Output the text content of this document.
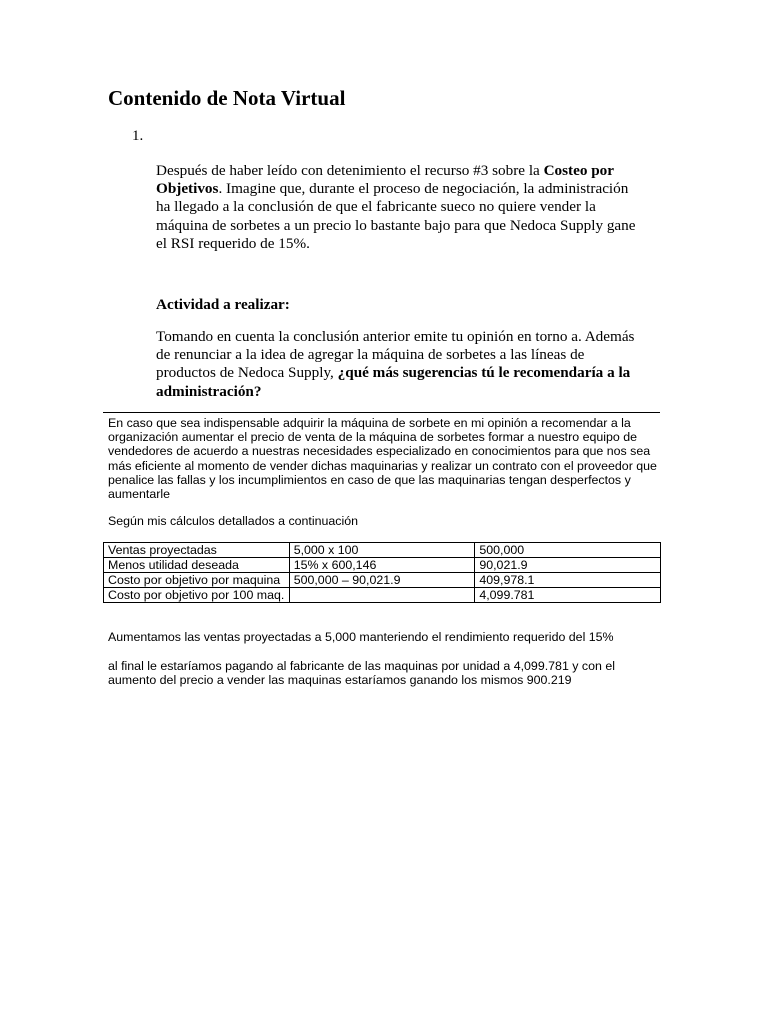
Contenido de Nota Virtual
1.

Después de haber leído con detenimiento el recurso #3 sobre la Costeo por Objetivos. Imagine que, durante el proceso de negociación, la administración ha llegado a la conclusión de que el fabricante sueco no quiere vender la máquina de sorbetes a un precio lo bastante bajo para que Nedoca Supply gane el RSI requerido de 15%.

Actividad a realizar:

Tomando en cuenta la conclusión anterior emite tu opinión en torno a. Además de renunciar a la idea de agregar la máquina de sorbetes a las líneas de productos de Nedoca Supply, ¿qué más sugerencias tú le recomendaría a la administración?

En caso que sea indispensable adquirir la máquina de sorbete en mi opinión a recomendar a la organización aumentar el precio de venta de la máquina de sorbetes formar a nuestro equipo de vendedores de acuerdo a nuestras necesidades especializado en conocimientos para que nos sea más eficiente al momento de vender dichas maquinarias y realizar un contrato con el proveedor que penalice las fallas y los incumplimientos en caso de que las maquinarias tengan desperfectos y aumentarle

Según mis cálculos detallados a continuación

Ventas proyectadas	5,000 x 100	500,000
Menos utilidad deseada	15% x 600,146	90,021.9
Costo por objetivo por maquina	500,000 – 90,021.9	409,978.1
Costo por objetivo por 100 maq.		4,099.781

Aumentamos las ventas proyectadas a 5,000 manteriendo el rendimiento requerido del 15%

al final le estaríamos pagando al fabricante de las maquinas por unidad a 4,099.781 y con el aumento del precio a vender las maquinas estaríamos ganando los mismos 900.219
